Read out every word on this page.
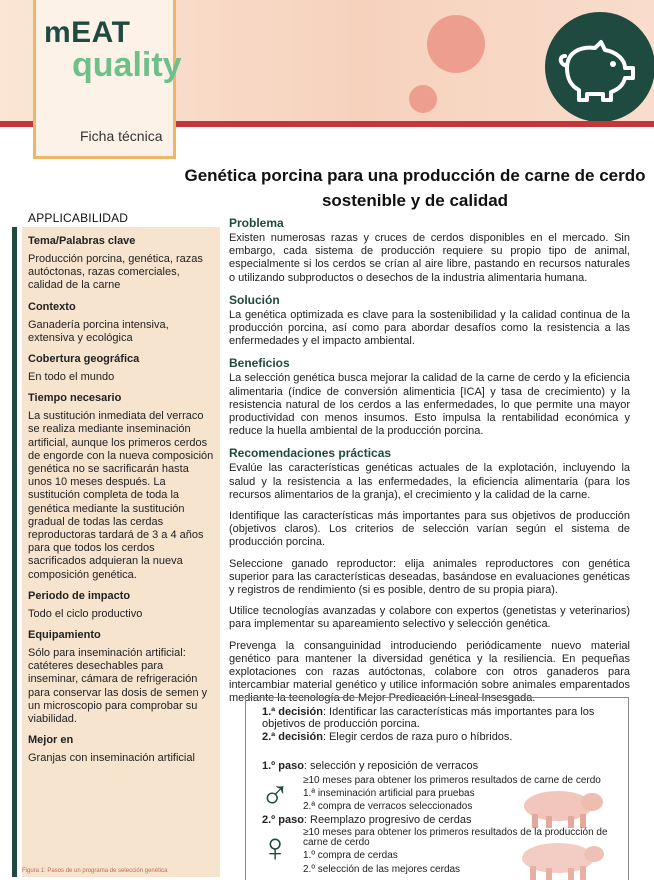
mEAT
quality
Ficha técnica
Genética porcina para una producción de carne de cerdo sostenible y de calidad
APPLICABILIDAD
Tema/Palabras clave
Producción porcina, genética, razas autóctonas, razas comerciales, calidad de la carne
Contexto
Ganadería porcina intensiva, extensiva y ecológica
Cobertura geográfica
En todo el mundo
Tiempo necesario
La sustitución inmediata del verraco se realiza mediante inseminación artificial, aunque los primeros cerdos de engorde con la nueva composición genética no se sacrificarán hasta unos 10 meses después. La sustitución completa de toda la genética mediante la sustitución gradual de todas las cerdas reproductoras tardará de 3 a 4 años para que todos los cerdos sacrificados adquieran la nueva composición genética.
Periodo de impacto
Todo el ciclo productivo
Equipamiento
Sólo para inseminación artificial: catéteres desechables para inseminar, cámara de refrigeración para conservar las dosis de semen y un microscopio para comprobar su viabilidad.
Mejor en
Granjas con inseminación artificial
Figura 1: Pasos de un programa de selección genética
Problema
Existen numerosas razas y cruces de cerdos disponibles en el mercado. Sin embargo, cada sistema de producción requiere su propio tipo de animal, especialmente si los cerdos se crían al aire libre, pastando en recursos naturales o utilizando subproductos o desechos de la industria alimentaria humana.
Solución
La genética optimizada es clave para la sostenibilidad y la calidad continua de la producción porcina, así como para abordar desafíos como la resistencia a las enfermedades y el impacto ambiental.
Beneficios
La selección genética busca mejorar la calidad de la carne de cerdo y la eficiencia alimentaria (índice de conversión alimenticia [ICA] y tasa de crecimiento) y la resistencia natural de los cerdos a las enfermedades, lo que permite una mayor productividad con menos insumos. Esto impulsa la rentabilidad económica y reduce la huella ambiental de la producción porcina.
Recomendaciones prácticas
Evalúe las características genéticas actuales de la explotación, incluyendo la salud y la resistencia a las enfermedades, la eficiencia alimentaria (para los recursos alimentarios de la granja), el crecimiento y la calidad de la carne.
Identifique las características más importantes para sus objetivos de producción (objetivos claros). Los criterios de selección varían según el sistema de producción porcina.
Seleccione ganado reproductor: elija animales reproductores con genética superior para las características deseadas, basándose en evaluaciones genéticas y registros de rendimiento (si es posible, dentro de su propia piara).
Utilice tecnologías avanzadas y colabore con expertos (genetistas y veterinarios) para implementar su apareamiento selectivo y selección genética.
Prevenga la consanguinidad introduciendo periódicamente nuevo material genético para mantener la diversidad genética y la resiliencia. En pequeñas explotaciones con razas autóctonas, colabore con otros ganaderos para intercambiar material genético y utilice información sobre animales emparentados mediante la tecnología de Mejor Predicación Lineal Insesgada.
1.ª decisión: Identificar las características más importantes para los objetivos de producción porcina.
2.ª decisión: Elegir cerdos de raza puro o híbridos.
1.º paso: selección y reposición de verracos
♂ ≥10 meses para obtener los primeros resultados de carne de cerdo
1.ª inseminación artificial para pruebas
2.ª compra de verracos seleccionados
2.º paso: Reemplazo progresivo de cerdas
♀ ≥10 meses para obtener los primeros resultados de la producción de carne de cerdo
1.º compra de cerdas
2.º selección de las mejores cerdas
